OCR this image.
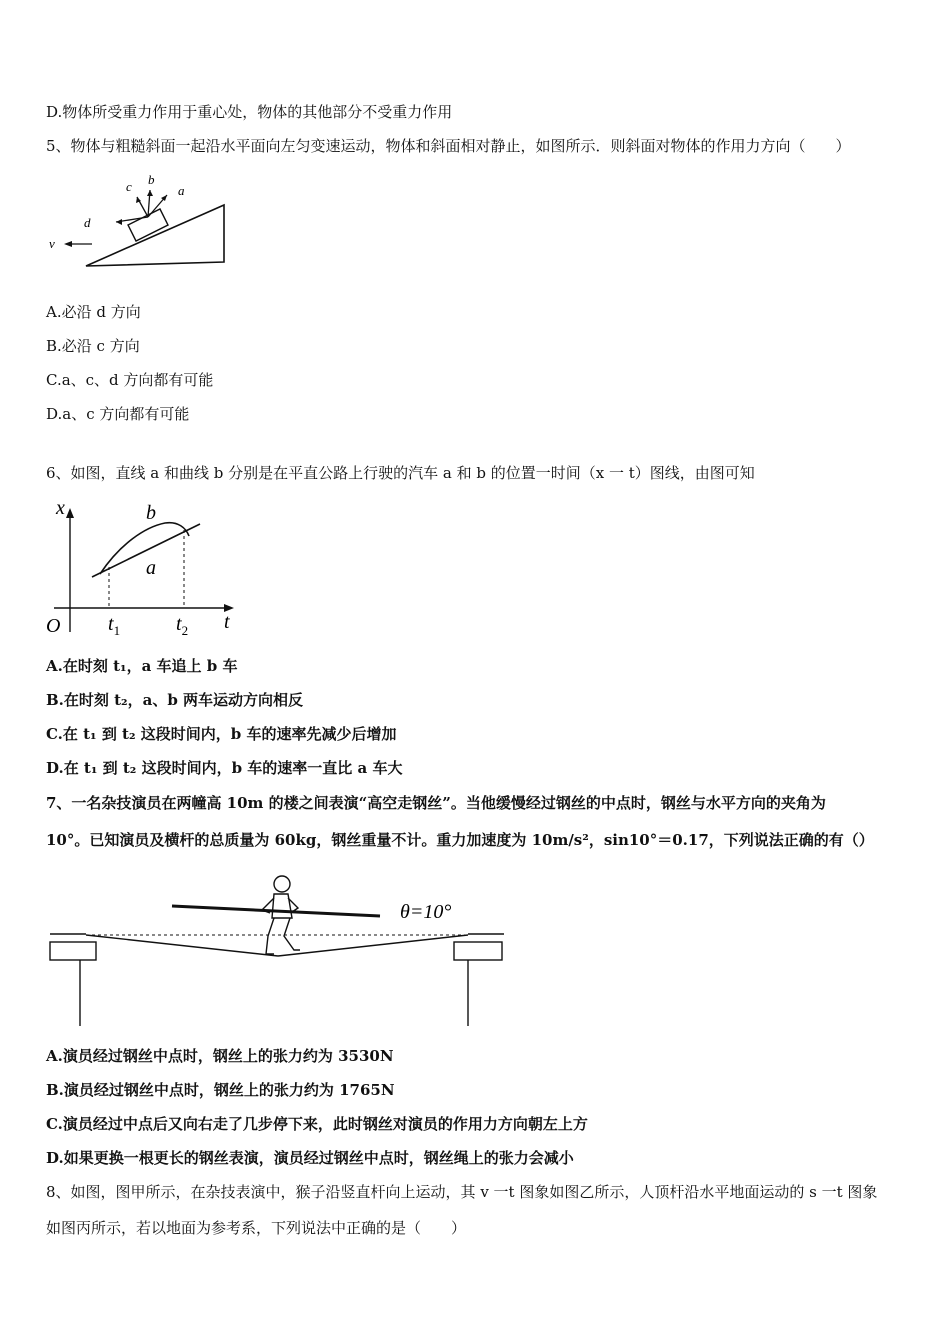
D.物体所受重力作用于重心处，物体的其他部分不受重力作用
5、物体与粗糙斜面一起沿水平面向左匀变速运动，物体和斜面相对静止，如图所示．则斜面对物体的作用力方向（　　）
c b
a
d
v
A.必沿 d 方向
B.必沿 c 方向
C.a、c、d 方向都有可能
D.a、c 方向都有可能
6、如图，直线 a 和曲线 b 分别是在平直公路上行驶的汽车 a 和 b 的位置一时间（x 一 t）图线，由图可知
x
t
O
b
a
$t_1$	$t_2$
A.在时刻 t₁，a 车追上 b 车
B.在时刻 t₂，a、b 两车运动方向相反
C.在 t₁ 到 t₂ 这段时间内，b 车的速率先减少后增加
D.在 t₁ 到 t₂ 这段时间内，b 车的速率一直比 a 车大
7、一名杂技演员在两幢高 10m 的楼之间表演“高空走钢丝”。当他缓慢经过钢丝的中点时，钢丝与水平方向的夹角为
10°。已知演员及横杆的总质量为 60kg，钢丝重量不计。重力加速度为 10m/s²，sin10°＝0.17，下列说法正确的有（）
θ=10°
A.演员经过钢丝中点时，钢丝上的张力约为 3530N
B.演员经过钢丝中点时，钢丝上的张力约为 1765N
C.演员经过中点后又向右走了几步停下来，此时钢丝对演员的作用力方向朝左上方
D.如果更换一根更长的钢丝表演，演员经过钢丝中点时，钢丝绳上的张力会减小
8、如图，图甲所示，在杂技表演中，猴子沿竖直杆向上运动，其 v 一t 图象如图乙所示，人顶杆沿水平地面运动的 s 一t 图象
如图丙所示，若以地面为参考系，下列说法中正确的是（　　）
